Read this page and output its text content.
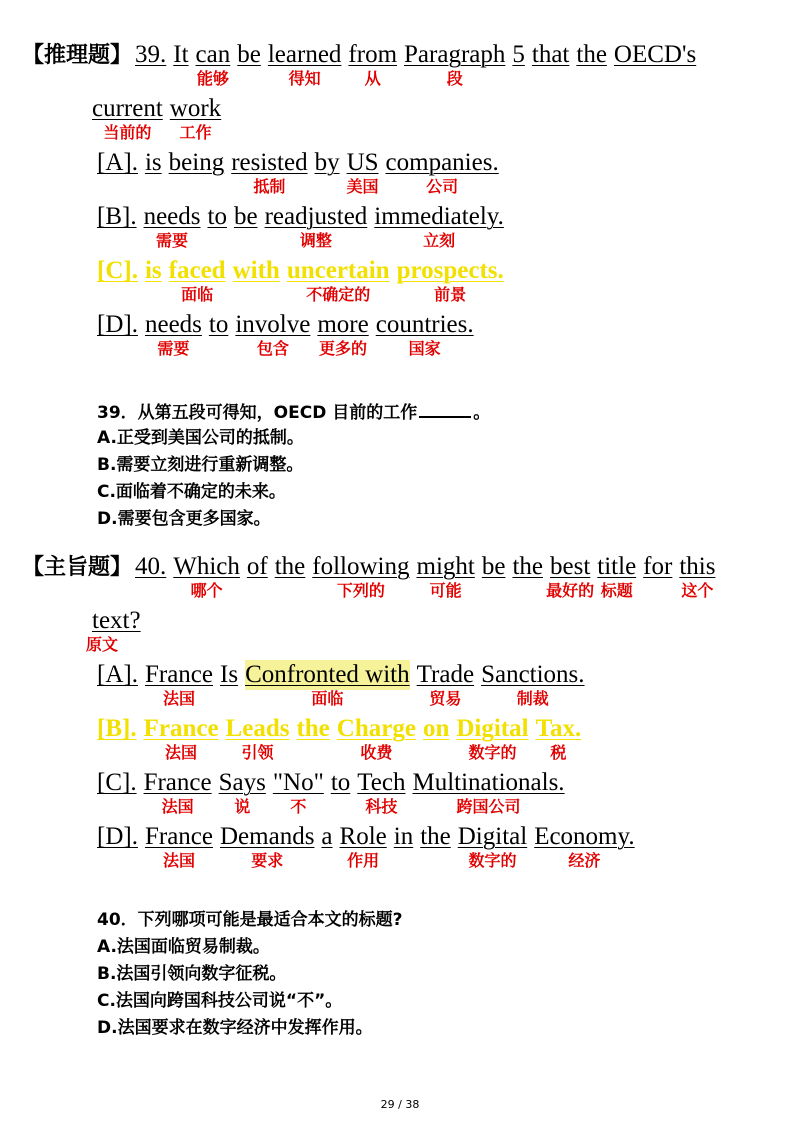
【推理题】 39. It can
能够
be learned
得知
from
从
Paragraph
段
5 that the OECD's
current
当前的
work
工作
[A]. is being resisted
抵制
by US
美国
companies.
公司
[B]. needs
需要
to be readjusted
调整
immediately.
立刻
[C]. is faced
面临
with uncertain
不确定的
prospects.
前景
[D]. needs
需要
to involve
包含
more
更多的
countries.
国家
39．从第五段可得知，OECD 目前的工作	。
A.正受到美国公司的抵制。
B.需要立刻进行重新调整。
C.面临着不确定的未来。
D.需要包含更多国家。
【主旨题】 40. Which
哪个
of the following
下列的
might
可能
be the best
最好的
title
标题
for this
这个
text?
原文
[A]. France
法国
Is Confronted with
面临
Trade
贸易
Sanctions.
制裁
[B]. France
法国
Leads
引领
the Charge
收费
on Digital
数字的
Tax.
税
[C]. France
法国
Says
说
"No"
不
to Tech
科技
Multinationals.
跨国公司
[D]. France
法国
Demands
要求
a Role
作用
in the Digital
数字的
Economy.
经济
40．下列哪项可能是最适合本文的标题?
A.法国面临贸易制裁。
B.法国引领向数字征税。
C.法国向跨国科技公司说“不”。
D.法国要求在数字经济中发挥作用。
29 / 38
